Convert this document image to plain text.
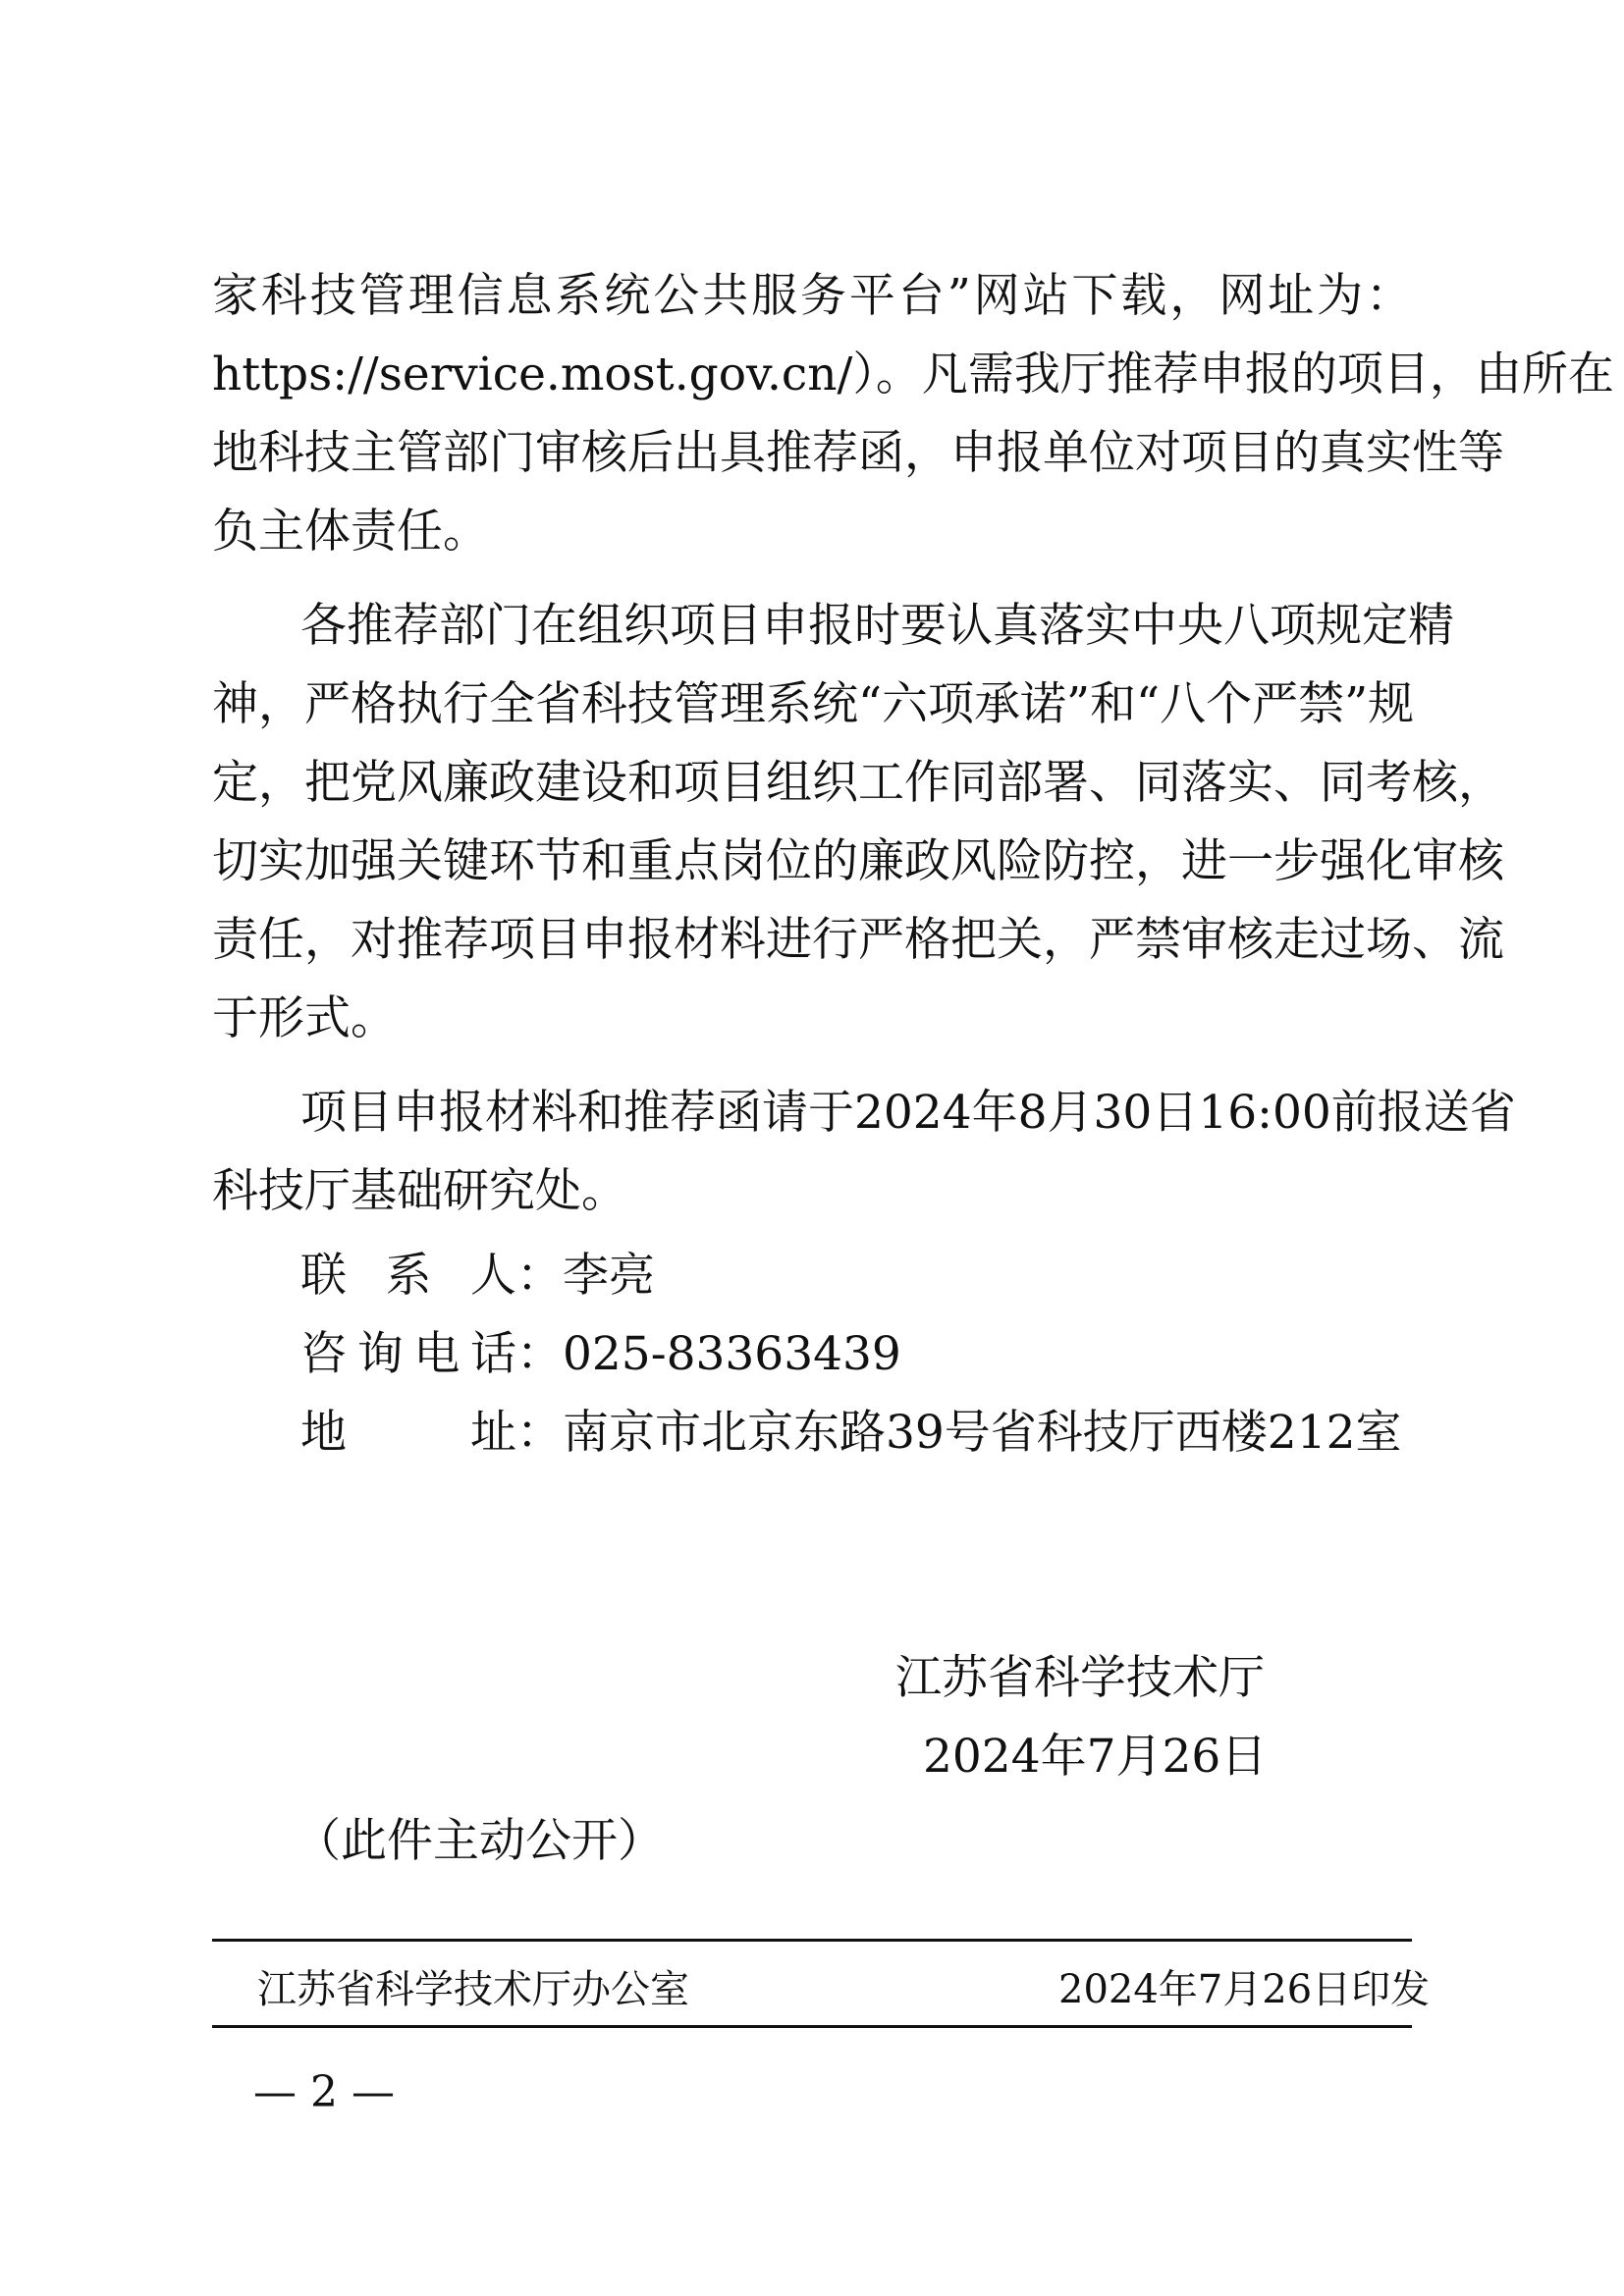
家科技管理信息系统公共服务平台”网站下载，网址为：
https://service.most.gov.cn/）。凡需我厅推荐申报的项目，由所在
地科技主管部门审核后出具推荐函，申报单位对项目的真实性等
负主体责任。
各推荐部门在组织项目申报时要认真落实中央八项规定精
神，严格执行全省科技管理系统“六项承诺”和“八个严禁”规
定，把党风廉政建设和项目组织工作同部署、同落实、同考核，
切实加强关键环节和重点岗位的廉政风险防控，进一步强化审核
责任，对推荐项目申报材料进行严格把关，严禁审核走过场、流
于形式。
项目申报材料和推荐函请于2024年8月30日16:00前报送省
科技厅基础研究处。
联系人 ： 李亮
咨询电话 ： 025-83363439
地址 ： 南京市北京东路39号省科技厅西楼212室
江苏省科学技术厅
2024年7月26日
（此件主动公开）
江苏省科学技术厅办公室	2024年7月26日印发
— 2 —
